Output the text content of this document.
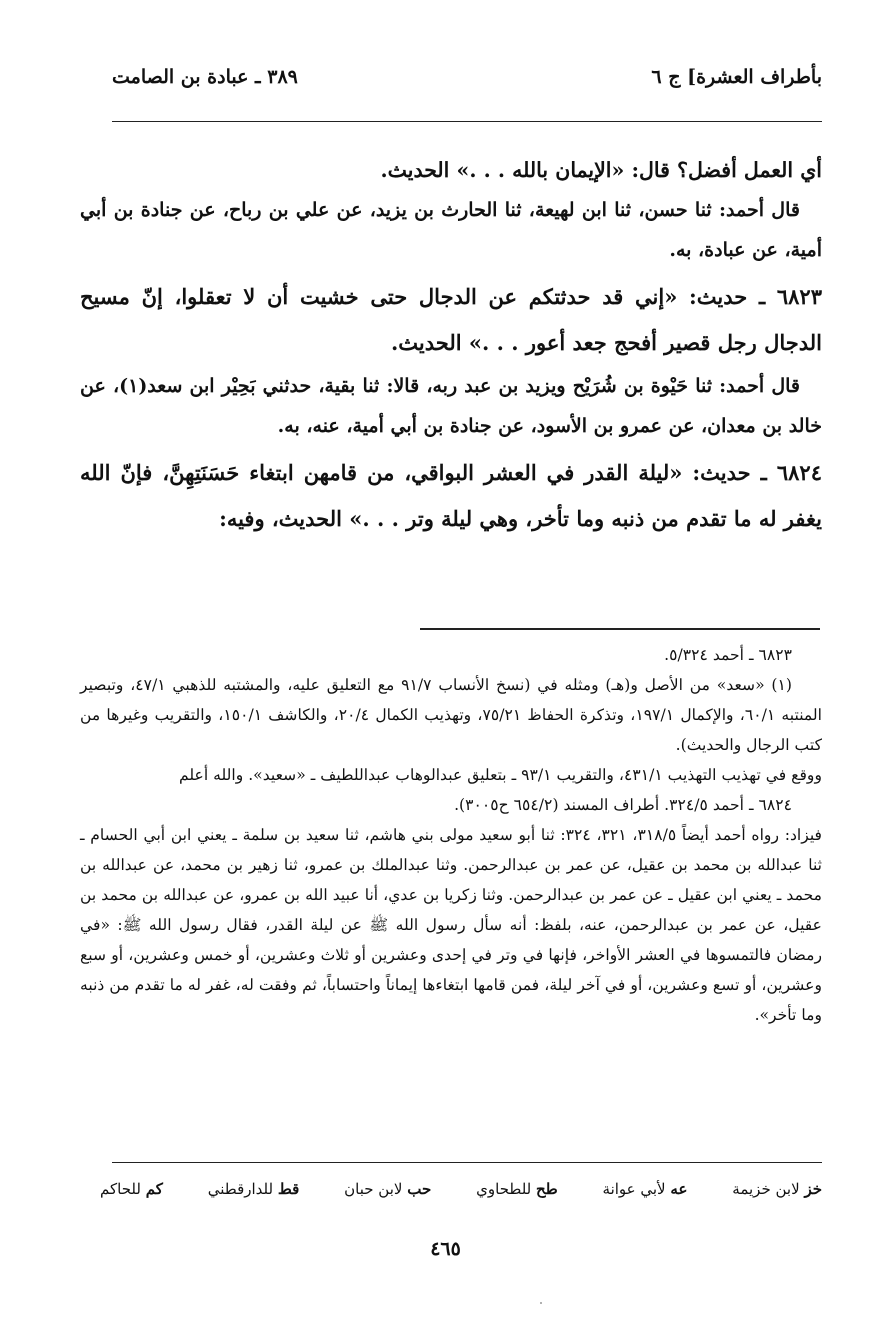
بأطراف العشرة] ج ٦
٣٨٩ ـ عبادة بن الصامت

أي العمل أفضل؟ قال: «الإيمان بالله . . .» الحديث.

قال أحمد: ثنا حسن، ثنا ابن لهيعة، ثنا الحارث بن يزيد، عن علي بن رباح، عن جنادة بن أبي أمية، عن عبادة، به.

٦٨٢٣ ـ حديث: «إني قد حدثتكم عن الدجال حتى خشيت أن لا تعقلوا، إنّ مسيح الدجال رجل قصير أفحج جعد أعور . . .» الحديث.

قال أحمد: ثنا حَيْوة بن شُرَيْح ويزيد بن عبد ربه، قالا: ثنا بقية، حدثني بَحِيْر ابن سعد(١)، عن خالد بن معدان، عن عمرو بن الأسود، عن جنادة بن أبي أمية، عنه، به.

٦٨٢٤ ـ حديث: «ليلة القدر في العشر البواقي، من قامهن ابتغاء حَسَنَتِهِنَّ، فإنّ الله يغفر له ما تقدم من ذنبه وما تأخر، وهي ليلة وتر . . .» الحديث، وفيه:

٦٨٢٣ ـ أحمد ٥/٣٢٤.

(١) «سعد» من الأصل و(هـ) ومثله في (نسخ الأنساب ٩١/٧ مع التعليق عليه، والمشتبه للذهبي ٤٧/١، وتبصير المنتبه ٦٠/١، والإكمال ١٩٧/١، وتذكرة الحفاظ ٧٥/٢١، وتهذيب الكمال ٢٠/٤، والكاشف ١٥٠/١، والتقريب وغيرها من كتب الرجال والحديث).

ووقع في تهذيب التهذيب ٤٣١/١، والتقريب ٩٣/١ ـ بتعليق عبدالوهاب عبداللطيف ـ «سعيد». والله أعلم

٦٨٢٤ ـ أحمد ٣٢٤/٥. أطراف المسند (٦٥٤/٢ ح٣٠٠٥).

فيزاد: رواه أحمد أيضاً ٣١٨/٥، ٣٢١، ٣٢٤: ثنا أبو سعيد مولى بني هاشم، ثنا سعيد بن سلمة ـ يعني ابن أبي الحسام ـ ثنا عبدالله بن محمد بن عقيل، عن عمر بن عبدالرحمن. وثنا عبدالملك بن عمرو، ثنا زهير بن محمد، عن عبدالله بن محمد ـ يعني ابن عقيل ـ عن عمر بن عبدالرحمن. وثنا زكريا بن عدي، أنا عبيد الله بن عمرو، عن عبدالله بن محمد بن عقيل، عن عمر بن عبدالرحمن، عنه، بلفظ: أنه سأل رسول الله ﷺ عن ليلة القدر، فقال رسول الله ﷺ: «في رمضان فالتمسوها في العشر الأواخر، فإنها في وتر في إحدى وعشرين أو ثلاث وعشرين، أو خمس وعشرين، أو سبع وعشرين، أو تسع وعشرين، أو في آخر ليلة، فمن قامها ابتغاءها إيماناً واحتساباً، ثم وفقت له، غفر له ما تقدم من ذنبه وما تأخر».

خز لابن خزيمة
عه لأبي عوانة
طح للطحاوي
حب لابن حبان
قط للدارقطني
كم للحاكم
٤٦٥
